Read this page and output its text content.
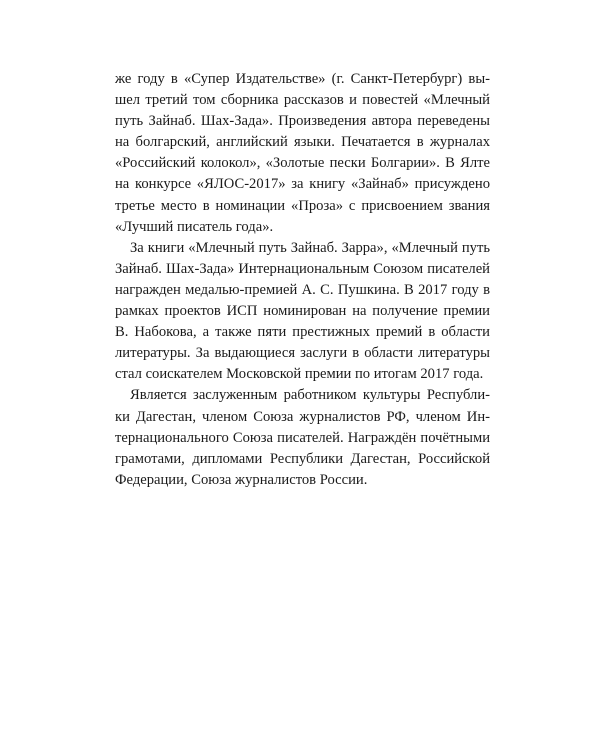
же году в «Супер Издательстве» (г. Санкт-Петербург) вы-
шел третий том сборника рассказов и повестей «Млечный
путь Зайнаб. Шах-Зада». Произведения автора переведены
на болгарский, английский языки. Печатается в журналах
«Российский колокол», «Золотые пески Болгарии». В Ялте
на конкурсе «ЯЛОС-2017» за книгу «Зайнаб» присуждено
третье место в номинации «Проза» с присвоением звания
«Лучший писатель года».
За книги «Млечный путь Зайнаб. Зарра», «Млечный путь
Зайнаб. Шах-Зада» Интернациональным Союзом писателей
награжден медалью-премией А. С. Пушкина. В 2017 году в
рамках проектов ИСП номинирован на получение премии
В. Набокова, а также пяти престижных премий в области
литературы. За выдающиеся заслуги в области литературы
стал соискателем Московской премии по итогам 2017 года.
Является заслуженным работником культуры Республи-
ки Дагестан, членом Союза журналистов РФ, членом Ин-
тернационального Союза писателей. Награждён почётными
грамотами, дипломами Республики Дагестан, Российской
Федерации, Союза журналистов России.
